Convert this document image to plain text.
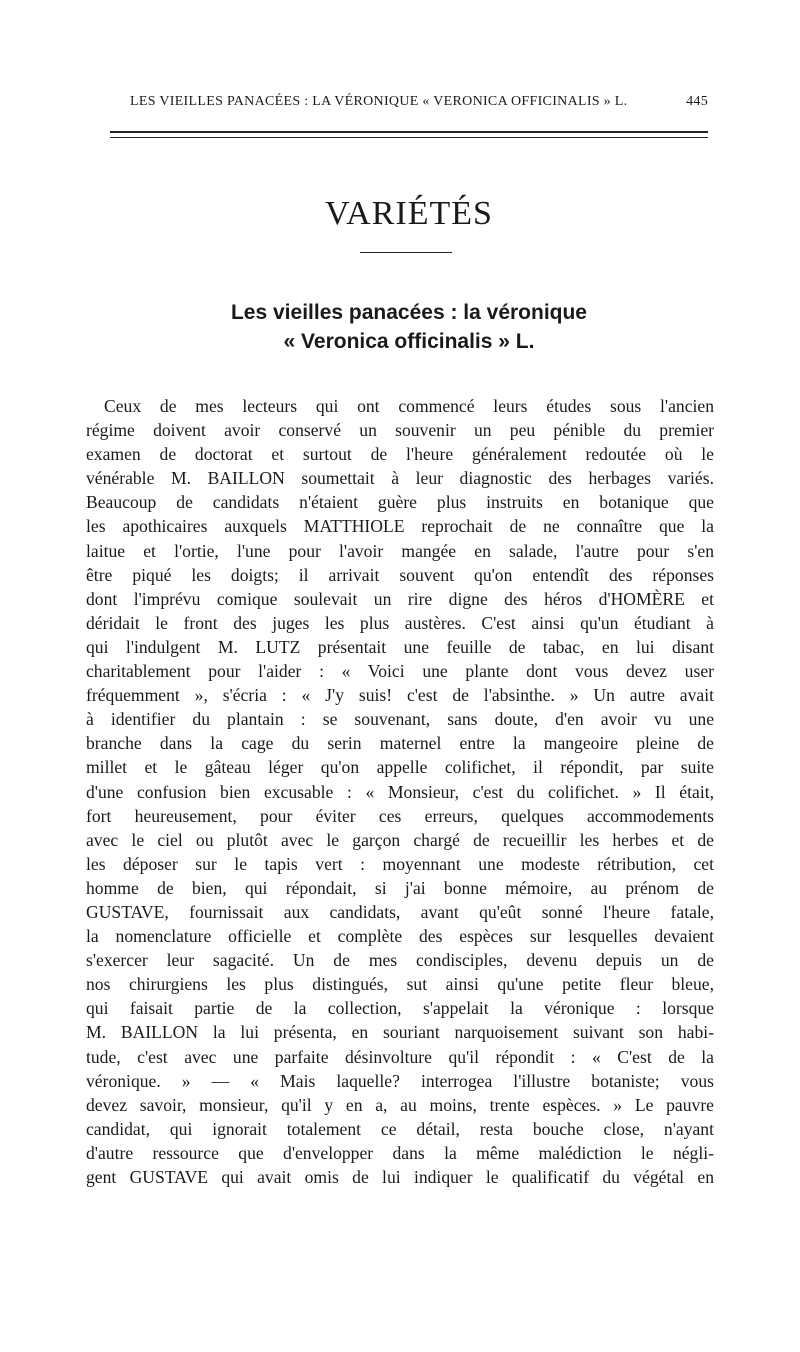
LES VIEILLES PANACÉES : LA VÉRONIQUE « VERONICA OFFICINALIS » L.	445
VARIÉTÉS
Les vieilles panacées : la véronique
« Veronica officinalis » L.
Ceux de mes lecteurs qui ont commencé leurs études sous l'ancien
régime doivent avoir conservé un souvenir un peu pénible du premier
examen de doctorat et surtout de l'heure généralement redoutée où le
vénérable M. BAILLON soumettait à leur diagnostic des herbages variés.
Beaucoup de candidats n'étaient guère plus instruits en botanique que
les apothicaires auxquels MATTHIOLE reprochait de ne connaître que la
laitue et l'ortie, l'une pour l'avoir mangée en salade, l'autre pour s'en
être piqué les doigts; il arrivait souvent qu'on entendît des réponses
dont l'imprévu comique soulevait un rire digne des héros d'HOMÈRE et
déridait le front des juges les plus austères. C'est ainsi qu'un étudiant à
qui l'indulgent M. LUTZ présentait une feuille de tabac, en lui disant
charitablement pour l'aider : « Voici une plante dont vous devez user
fréquemment », s'écria : « J'y suis! c'est de l'absinthe. » Un autre avait
à identifier du plantain : se souvenant, sans doute, d'en avoir vu une
branche dans la cage du serin maternel entre la mangeoire pleine de
millet et le gâteau léger qu'on appelle colifichet, il répondit, par suite
d'une confusion bien excusable : « Monsieur, c'est du colifichet. » Il était,
fort heureusement, pour éviter ces erreurs, quelques accommodements
avec le ciel ou plutôt avec le garçon chargé de recueillir les herbes et de
les déposer sur le tapis vert : moyennant une modeste rétribution, cet
homme de bien, qui répondait, si j'ai bonne mémoire, au prénom de
GUSTAVE, fournissait aux candidats, avant qu'eût sonné l'heure fatale,
la nomenclature officielle et complète des espèces sur lesquelles devaient
s'exercer leur sagacité. Un de mes condisciples, devenu depuis un de
nos chirurgiens les plus distingués, sut ainsi qu'une petite fleur bleue,
qui faisait partie de la collection, s'appelait la véronique : lorsque
M. BAILLON la lui présenta, en souriant narquoisement suivant son habi-
tude, c'est avec une parfaite désinvolture qu'il répondit : « C'est de la
véronique. » — « Mais laquelle? interrogea l'illustre botaniste; vous
devez savoir, monsieur, qu'il y en a, au moins, trente espèces. » Le pauvre
candidat, qui ignorait totalement ce détail, resta bouche close, n'ayant
d'autre ressource que d'envelopper dans la même malédiction le négli-
gent GUSTAVE qui avait omis de lui indiquer le qualificatif du végétal en
